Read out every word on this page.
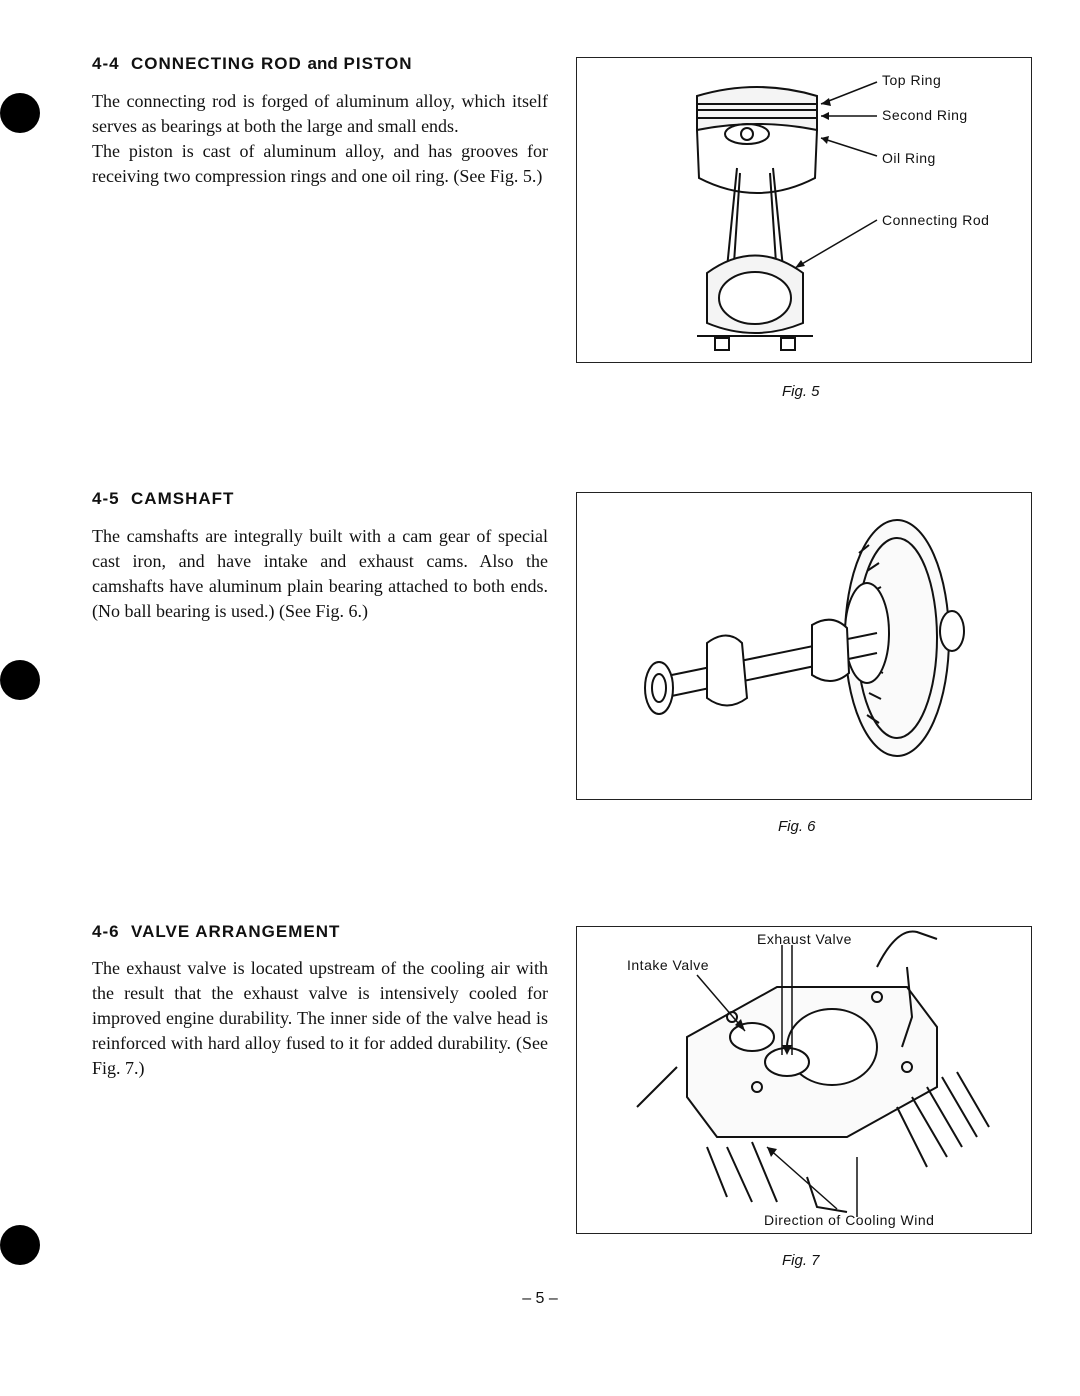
4-4 CONNECTING ROD and PISTON

The connecting rod is forged of aluminum alloy, which itself serves as bearings at both the large and small ends.

The piston is cast of aluminum alloy, and has grooves for receiving two compression rings and one oil ring. (See Fig. 5.)

Top Ring
Second Ring
Oil Ring
Connecting Rod
Fig. 5
4-5 CAMSHAFT

The camshafts are integrally built with a cam gear of special cast iron, and have intake and exhaust cams. Also the camshafts have aluminum plain bearing attached to both ends. (No ball bearing is used.) (See Fig. 6.)

Fig. 6
4-6 VALVE ARRANGEMENT

The exhaust valve is located upstream of the cooling air with the result that the exhaust valve is intensively cooled for improved engine durability. The inner side of the valve head is reinforced with hard alloy fused to it for added durability. (See Fig. 7.)

Exhaust Valve
Intake Valve
Direction of Cooling Wind
Fig. 7
– 5 –
